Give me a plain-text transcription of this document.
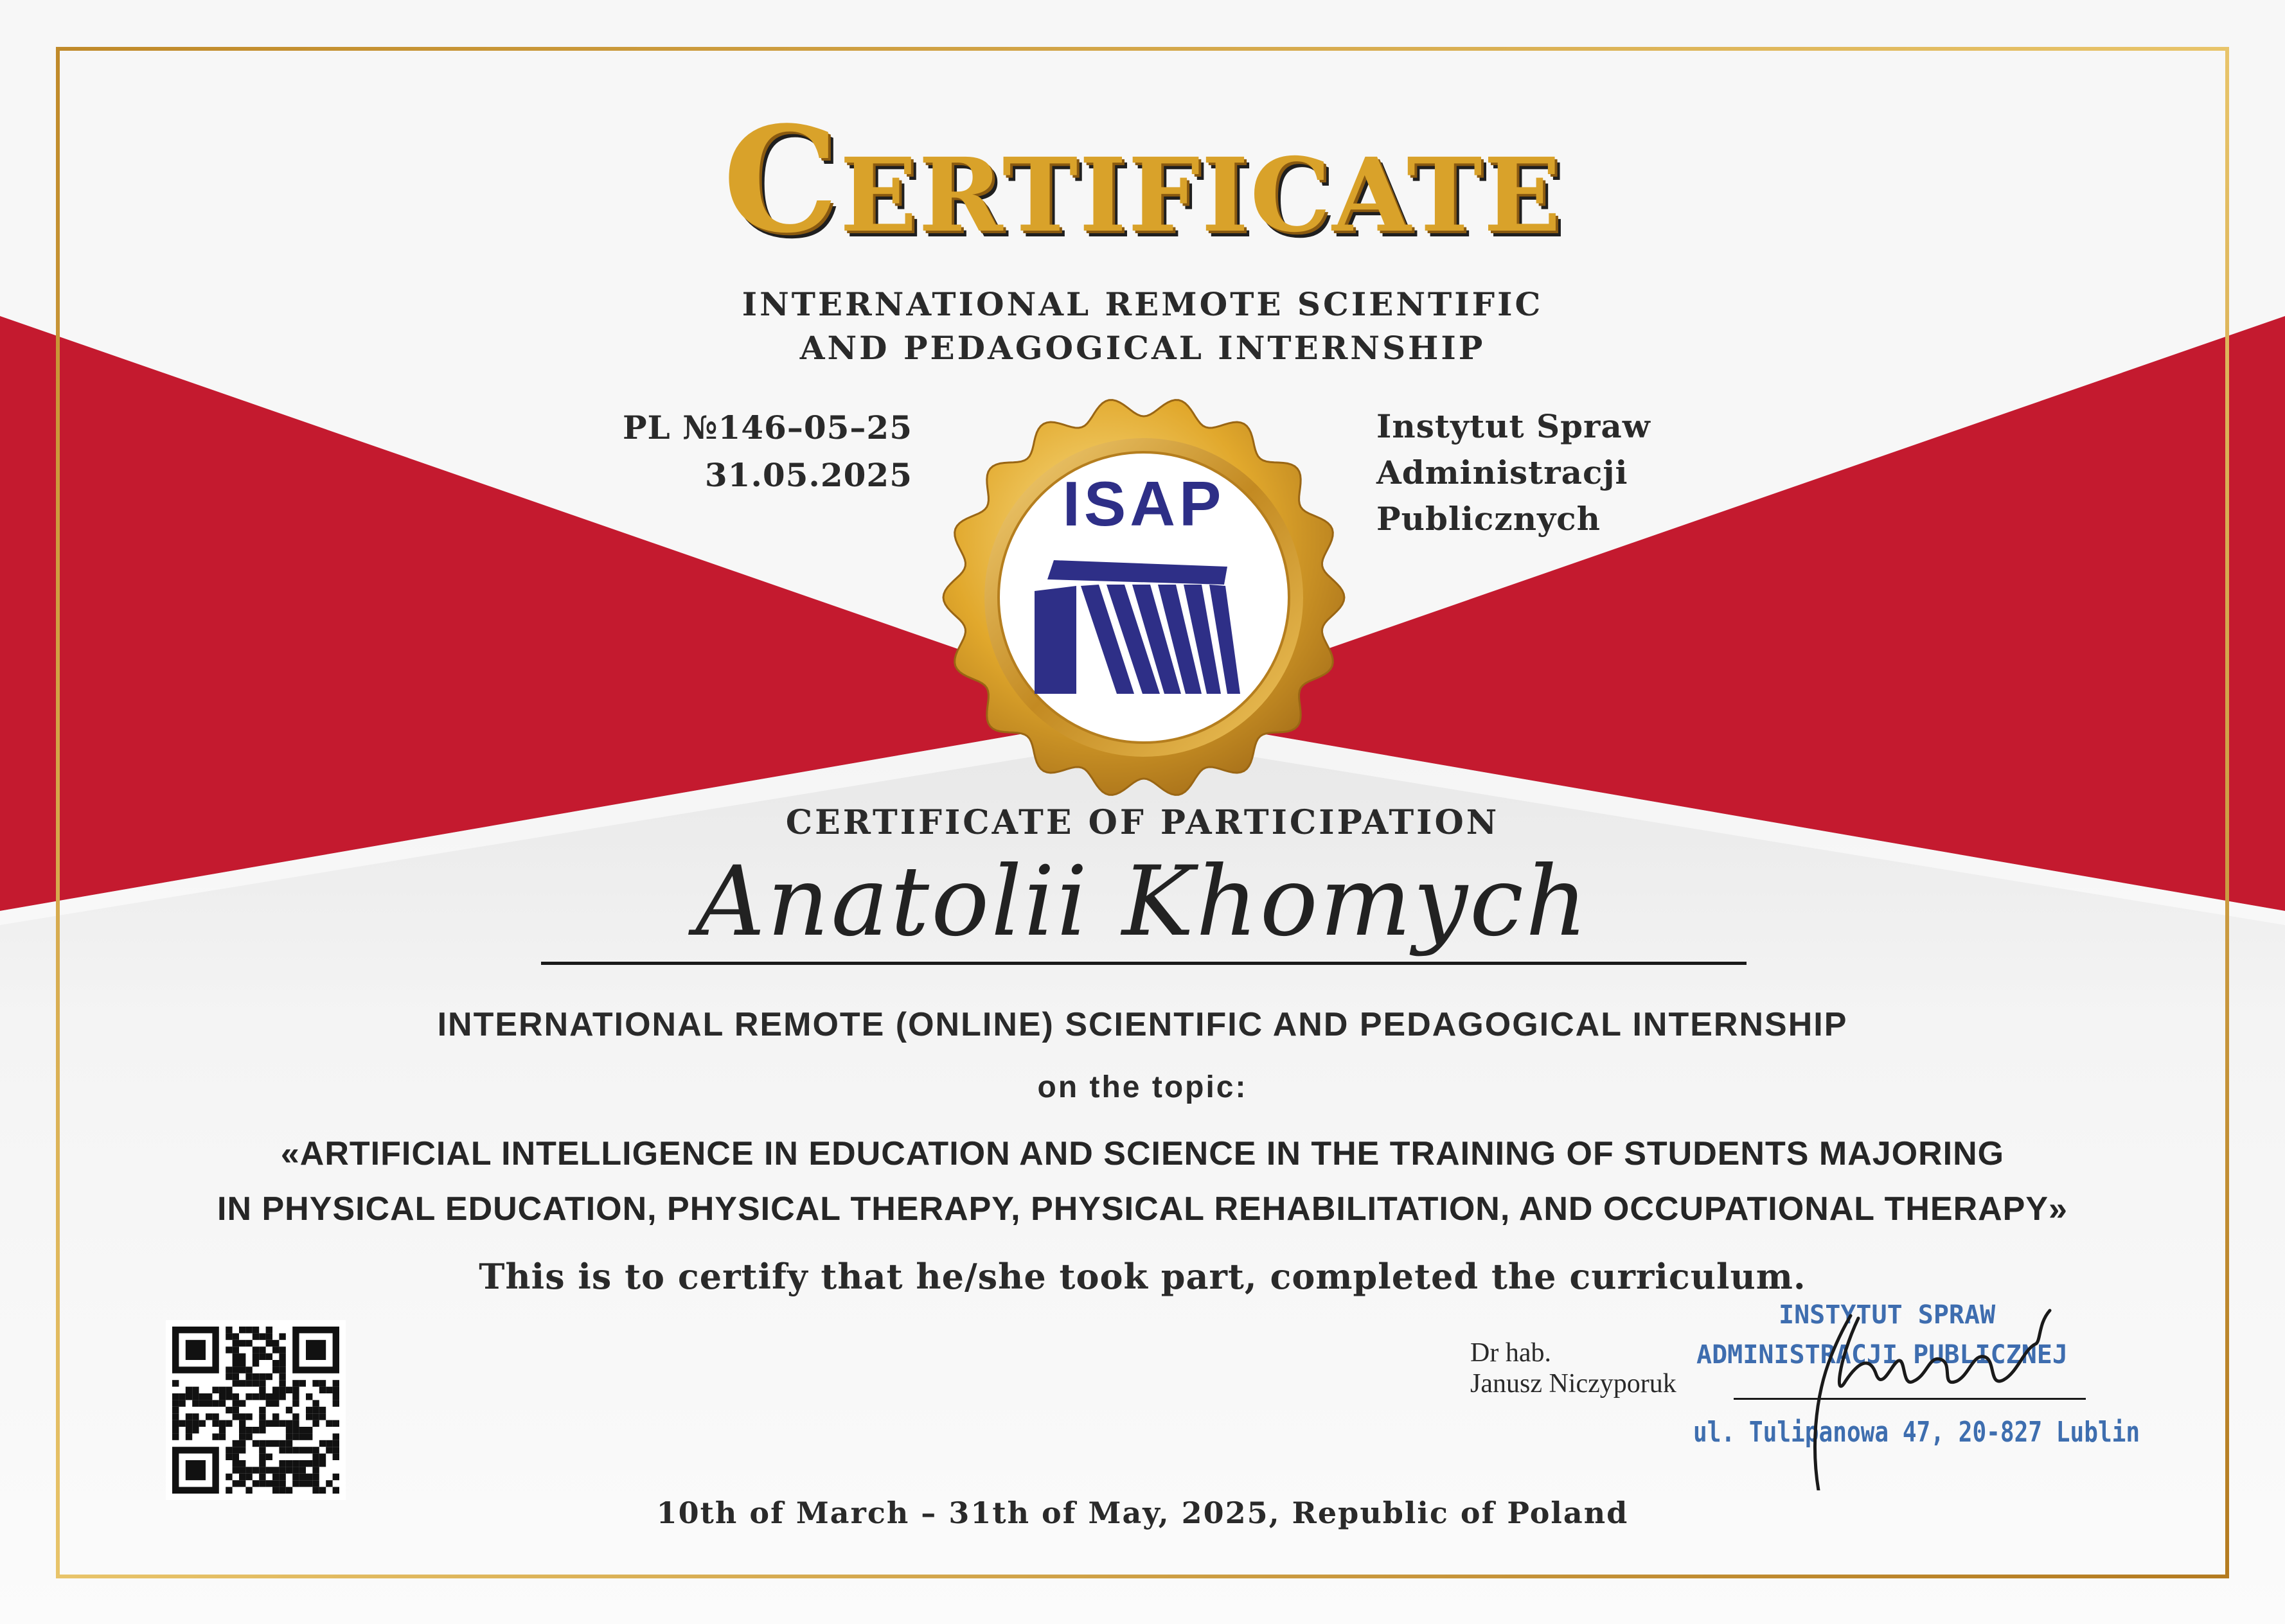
Certificate
INTERNATIONAL REMOTE SCIENTIFIC
AND PEDAGOGICAL INTERNSHIP
PL №146–05–25
31.05.2025
Instytut Spraw
Administracji
Publicznych
ISAP
CERTIFICATE OF PARTICIPATION
Anatolii Khomych
INTERNATIONAL REMOTE (ONLINE) SCIENTIFIC AND PEDAGOGICAL INTERNSHIP
on the topic:
«ARTIFICIAL INTELLIGENCE IN EDUCATION AND SCIENCE IN THE TRAINING OF STUDENTS MAJORING
IN PHYSICAL EDUCATION, PHYSICAL THERAPY, PHYSICAL REHABILITATION, AND OCCUPATIONAL THERAPY»
This is to certify that he/she took part, completed the curriculum.
INSTYTUT SPRAW
ADMINISTRACJI PUBLICZNEJ
ul. Tulipanowa 47, 20-827 Lublin
Dr hab.
Janusz Niczyporuk
10th of March – 31th of May, 2025, Republic of Poland
